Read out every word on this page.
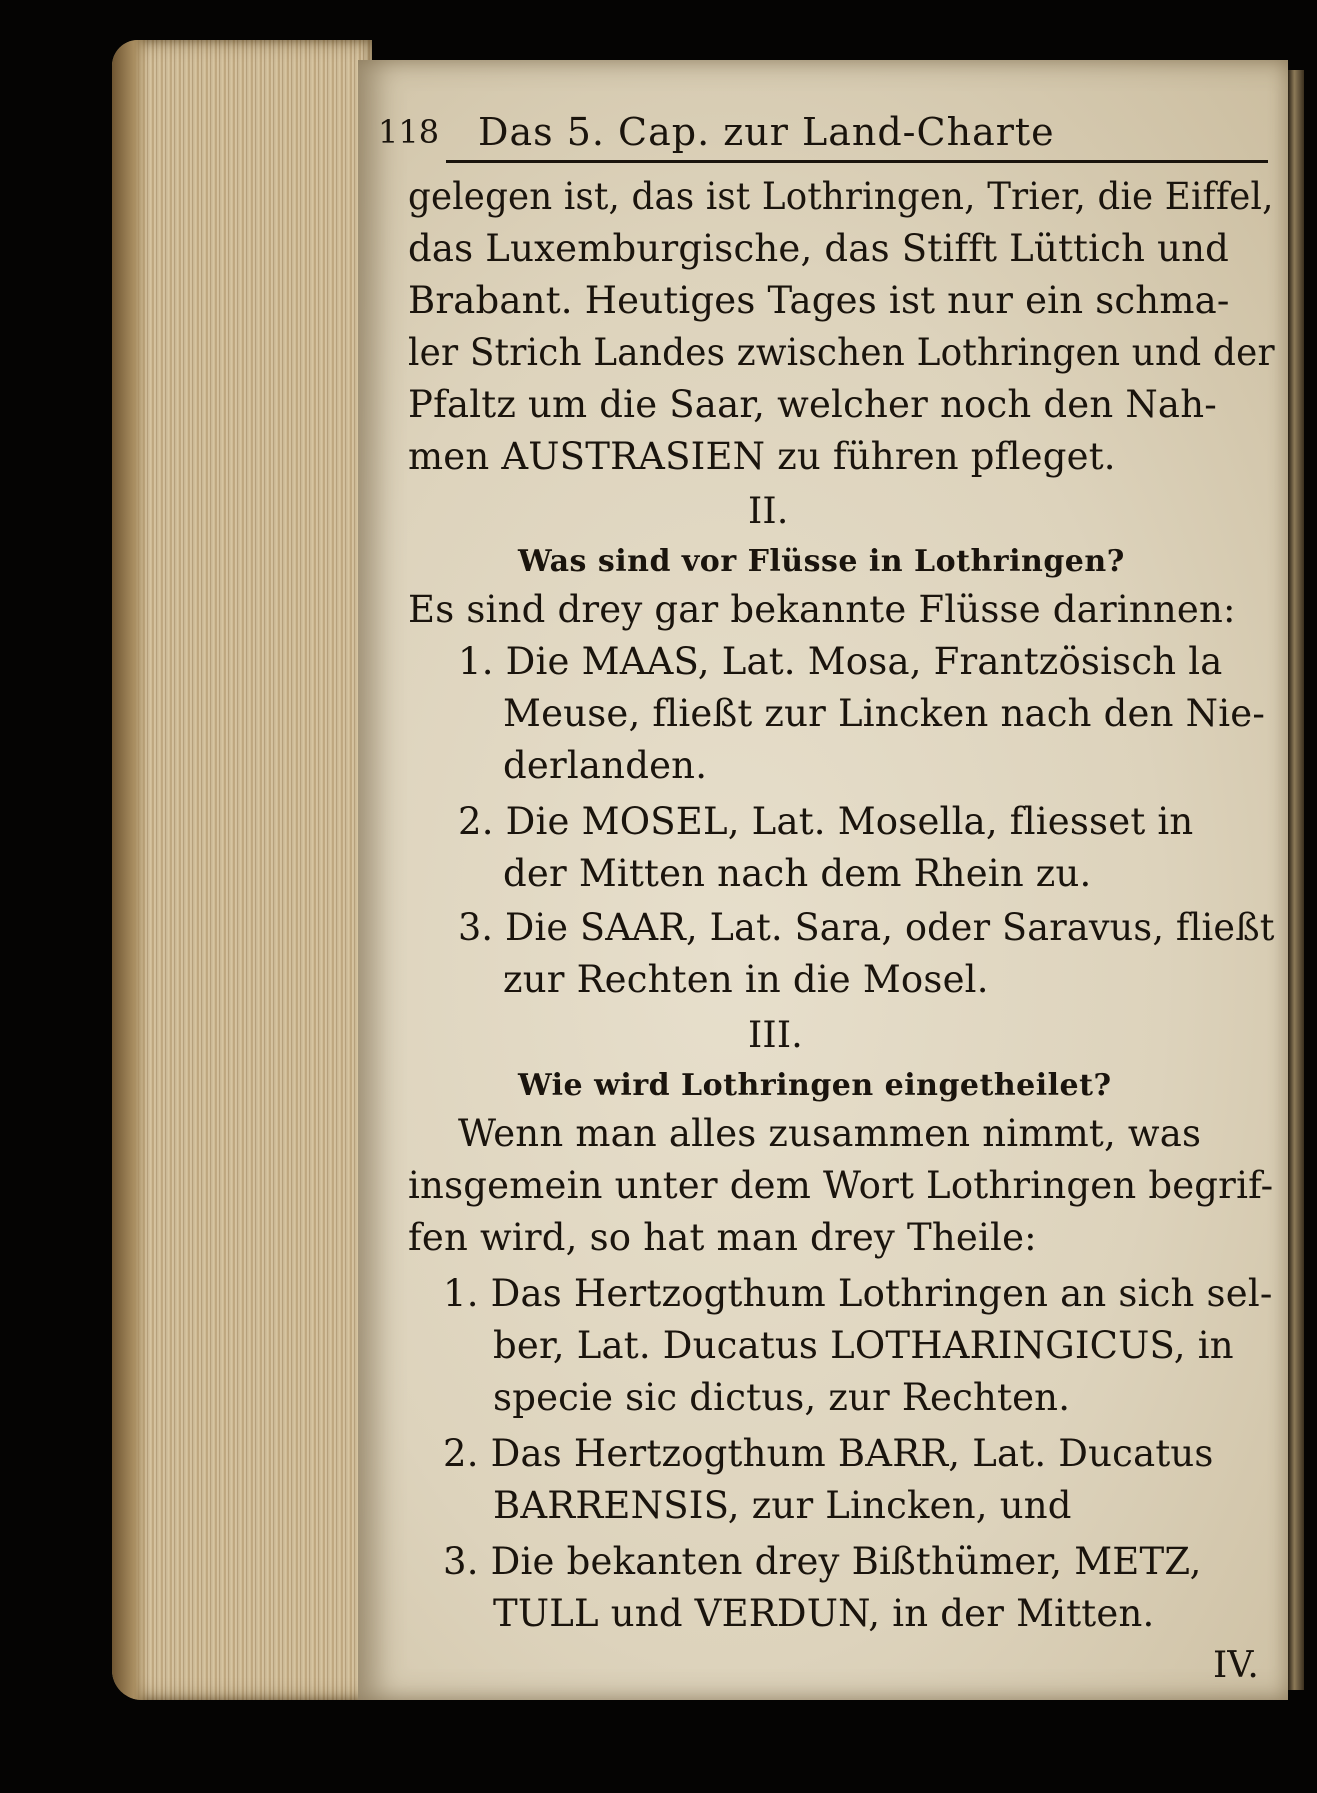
118 Das 5. Cap. zur Land-Charte
gelegen ist, das ist Lothringen, Trier, die Eiffel,
das Luxemburgische, das Stifft Lüttich und
Brabant. Heutiges Tages ist nur ein schma-
ler Strich Landes zwischen Lothringen und der
Pfaltz um die Saar, welcher noch den Nah-
men AUSTRASIEN zu führen pfleget.
II.
Was sind vor Flüsse in Lothringen?
Es sind drey gar bekannte Flüsse darinnen:
1. Die MAAS, Lat. Mosa, Frantzösisch la
Meuse, fließt zur Lincken nach den Nie-
derlanden.
2. Die MOSEL, Lat. Mosella, fliesset in
der Mitten nach dem Rhein zu.
3. Die SAAR, Lat. Sara, oder Saravus, fließt
zur Rechten in die Mosel.
III.
Wie wird Lothringen eingetheilet?
Wenn man alles zusammen nimmt, was
insgemein unter dem Wort Lothringen begrif-
fen wird, so hat man drey Theile:
1. Das Hertzogthum Lothringen an sich sel-
ber, Lat. Ducatus LOTHARINGICUS, in
specie sic dictus, zur Rechten.
2. Das Hertzogthum BARR, Lat. Ducatus
BARRENSIS, zur Lincken, und
3. Die bekanten drey Bißthümer, METZ,
TULL und VERDUN, in der Mitten.
IV.
